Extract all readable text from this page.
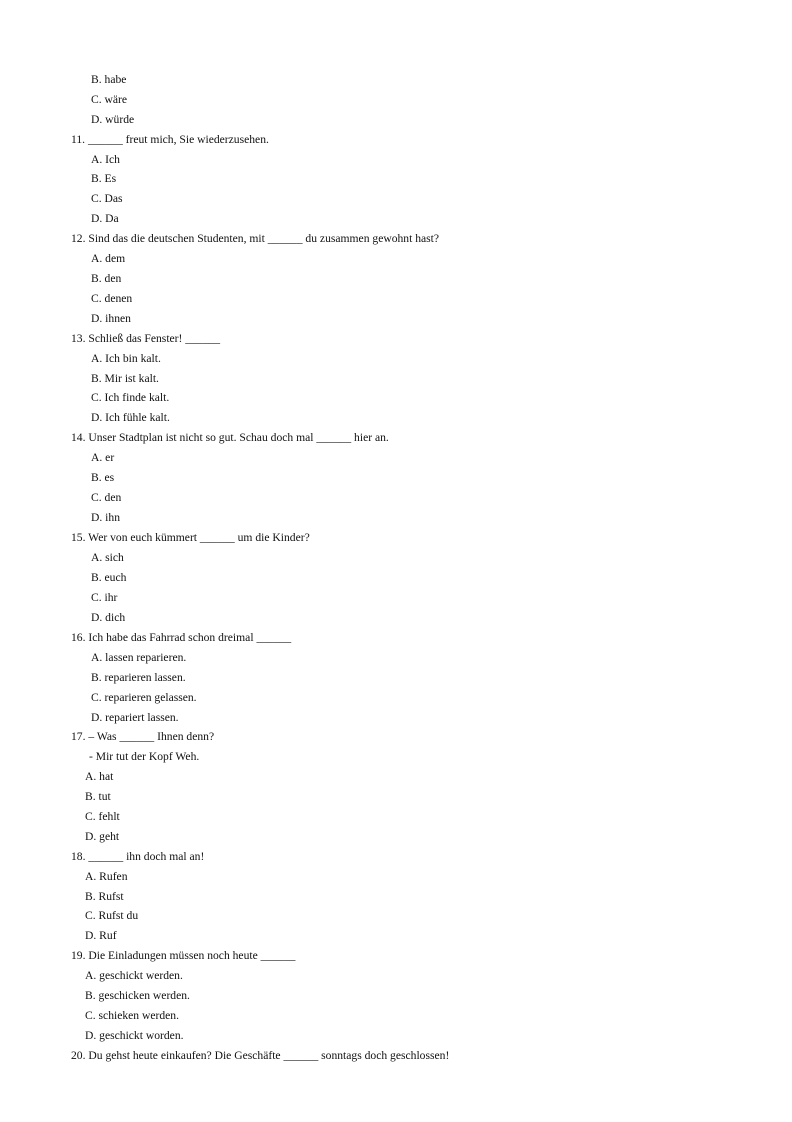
B. habe
C. wäre
D. würde
11. ______ freut mich, Sie wiederzusehen.
A. Ich
B. Es
C. Das
D. Da
12. Sind das die deutschen Studenten, mit ______ du zusammen gewohnt hast?
A. dem
B. den
C. denen
D. ihnen
13. Schließ das Fenster! ______
A. Ich bin kalt.
B. Mir ist kalt.
C. Ich finde kalt.
D. Ich fühle kalt.
14. Unser Stadtplan ist nicht so gut. Schau doch mal ______ hier an.
A. er
B. es
C. den
D. ihn
15. Wer von euch kümmert ______ um die Kinder?
A. sich
B. euch
C. ihr
D. dich
16. Ich habe das Fahrrad schon dreimal ______
A. lassen reparieren.
B. reparieren lassen.
C. reparieren gelassen.
D. repariert lassen.
17. – Was ______ Ihnen denn?
- Mir tut der Kopf Weh.
A. hat
B. tut
C. fehlt
D. geht
18. ______ ihn doch mal an!
A. Rufen
B. Rufst
C. Rufst du
D. Ruf
19. Die Einladungen müssen noch heute ______
A. geschickt werden.
B. geschicken werden.
C. schieken werden.
D. geschickt worden.
20. Du gehst heute einkaufen? Die Geschäfte ______ sonntags doch geschlossen!
